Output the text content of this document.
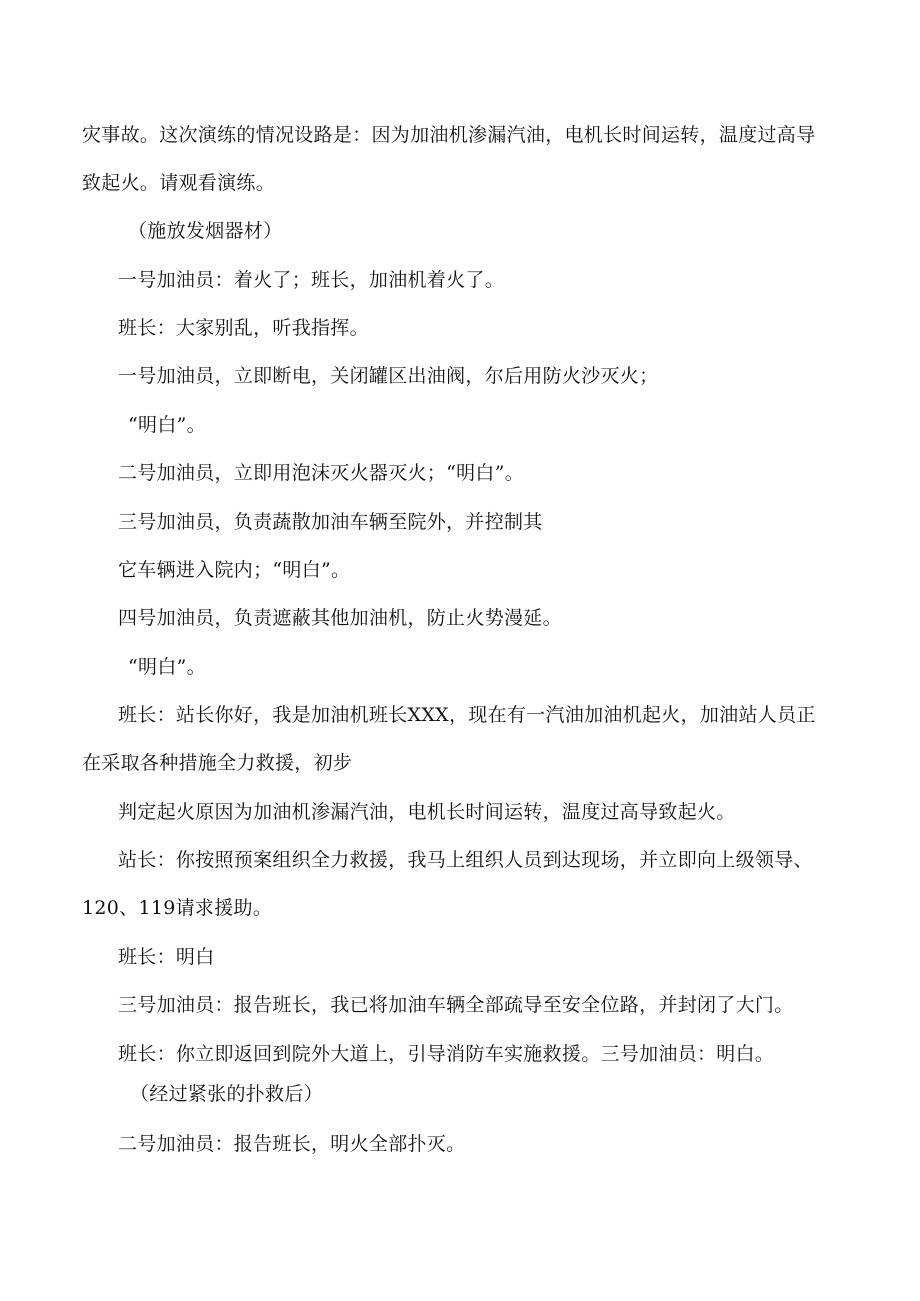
灾事故。这次演练的情况设路是：因为加油机渗漏汽油，电机长时间运转，温度过高导
致起火。请观看演练。
（施放发烟器材）
一号加油员：着火了；班长，加油机着火了。
班长：大家别乱，听我指挥。
一号加油员，立即断电，关闭罐区出油阀，尔后用防火沙灭火；
“明白”。
二号加油员，立即用泡沫灭火器灭火；“明白”。
三号加油员，负责蔬散加油车辆至院外，并控制其
它车辆进入院内；“明白”。
四号加油员，负责遮蔽其他加油机，防止火势漫延。
“明白”。
班长：站长你好，我是加油机班长XXX，现在有一汽油加油机起火，加油站人员正
在采取各种措施全力救援，初步
判定起火原因为加油机渗漏汽油，电机长时间运转，温度过高导致起火。
站长：你按照预案组织全力救援，我马上组织人员到达现场，并立即向上级领导、
120、119请求援助。
班长：明白
三号加油员：报告班长，我已将加油车辆全部疏导至安全位路，并封闭了大门。
班长：你立即返回到院外大道上，引导消防车实施救援。三号加油员：明白。
（经过紧张的扑救后）
二号加油员：报告班长，明火全部扑灭。
